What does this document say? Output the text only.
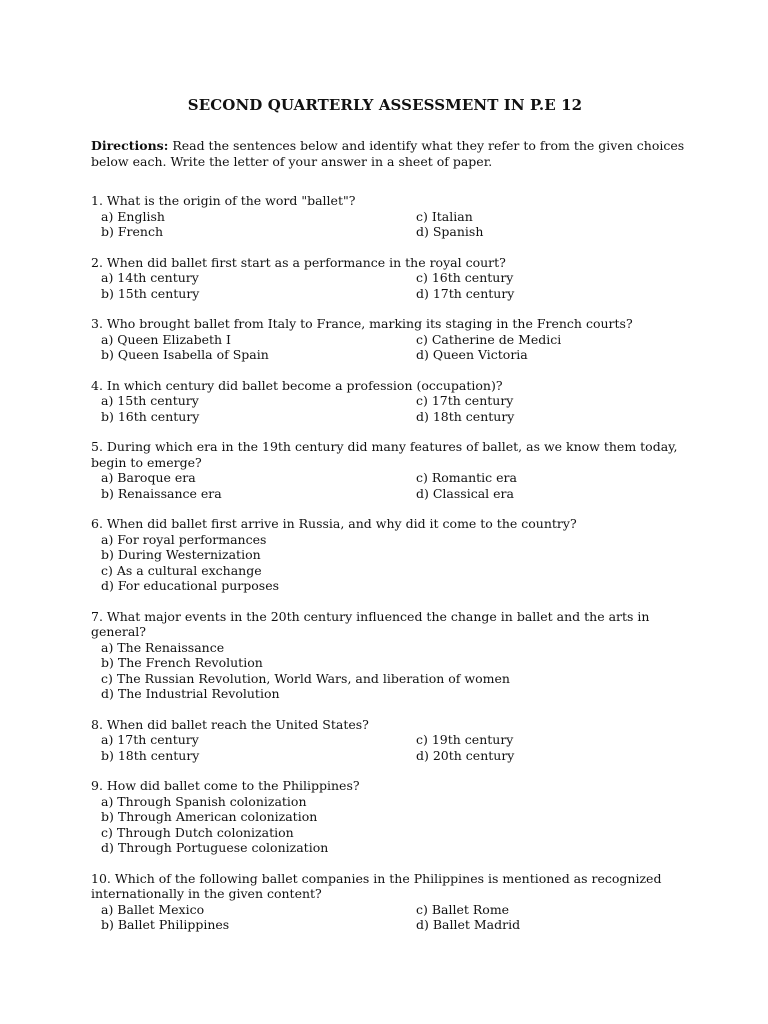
SECOND QUARTERLY ASSESSMENT IN P.E 12
Directions: Read the sentences below and identify what they refer to from the given choices below each. Write the letter of your answer in a sheet of paper.
1. What is the origin of the word "ballet"?
a) English	c) Italian
b) French	d) Spanish
2. When did ballet first start as a performance in the royal court?
a) 14th century	c) 16th century
b) 15th century	d) 17th century
3. Who brought ballet from Italy to France, marking its staging in the French courts?
a) Queen Elizabeth I	c) Catherine de Medici
b) Queen Isabella of Spain	d) Queen Victoria
4. In which century did ballet become a profession (occupation)?
a) 15th century	c) 17th century
b) 16th century	d) 18th century
5. During which era in the 19th century did many features of ballet, as we know them today, begin to emerge?
a) Baroque era	c) Romantic era
b) Renaissance era	d) Classical era
6. When did ballet first arrive in Russia, and why did it come to the country?
a) For royal performances
b) During Westernization
c) As a cultural exchange
d) For educational purposes
7. What major events in the 20th century influenced the change in ballet and the arts in general?
a) The Renaissance
b) The French Revolution
c) The Russian Revolution, World Wars, and liberation of women
d) The Industrial Revolution
8. When did ballet reach the United States?
a) 17th century	c) 19th century
b) 18th century	d) 20th century
9. How did ballet come to the Philippines?
a) Through Spanish colonization
b) Through American colonization
c) Through Dutch colonization
d) Through Portuguese colonization
10. Which of the following ballet companies in the Philippines is mentioned as recognized internationally in the given content?
a) Ballet Mexico	c) Ballet Rome
b) Ballet Philippines	d) Ballet Madrid
